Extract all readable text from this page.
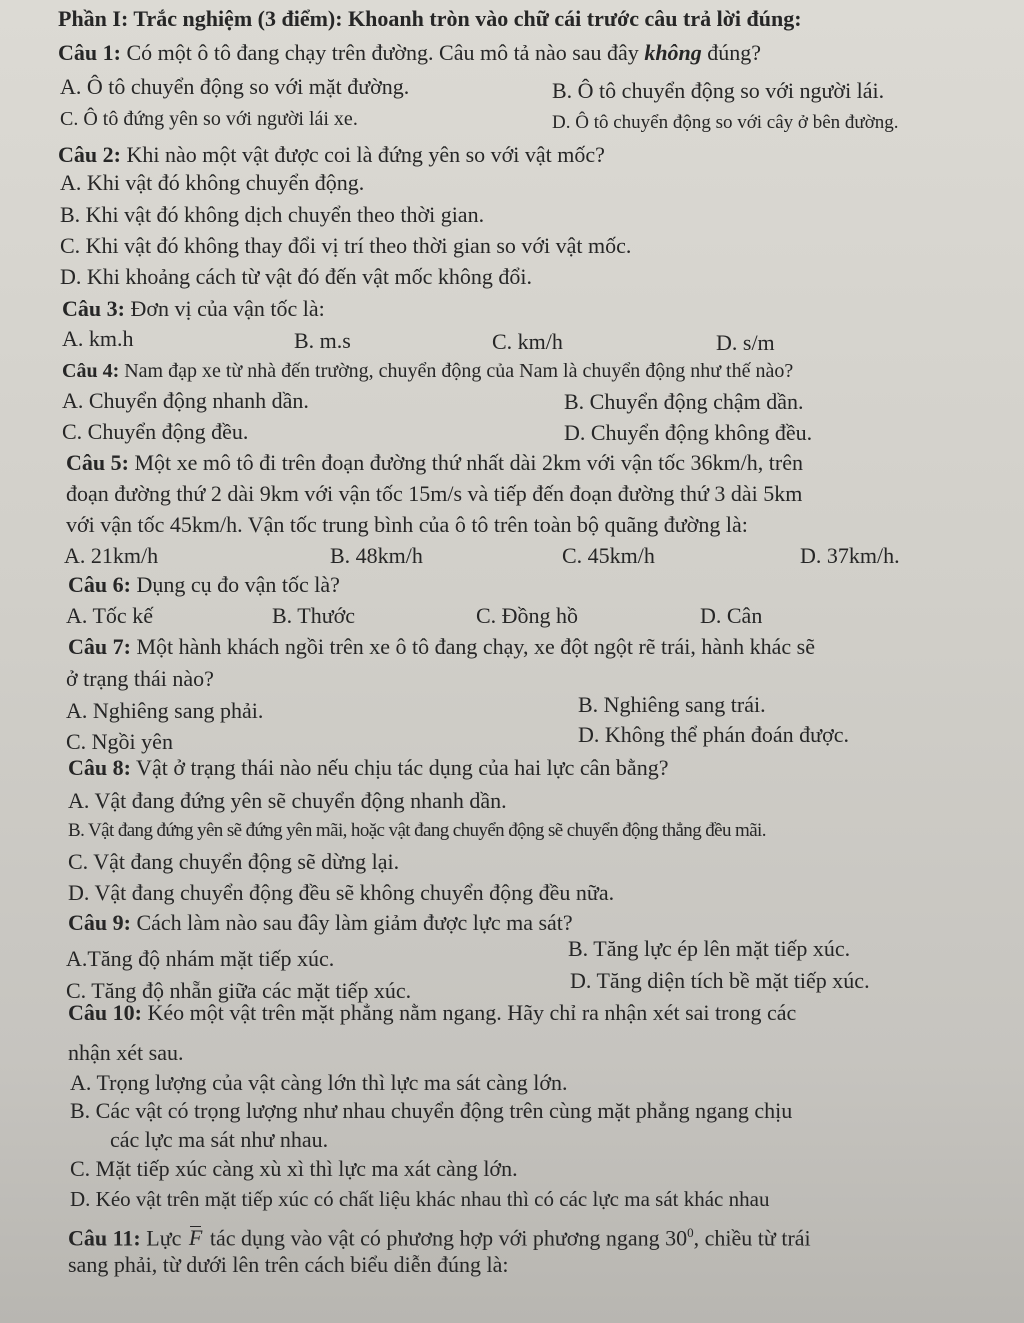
Phần I: Trắc nghiệm (3 điểm): Khoanh tròn vào chữ cái trước câu trả lời đúng:
Câu 1: Có một ô tô đang chạy trên đường. Câu mô tả nào sau đây không đúng?
A. Ô tô chuyển động so với mặt đường.	B. Ô tô chuyển động so với người lái.
C. Ô tô đứng yên so với người lái xe.	D. Ô tô chuyển động so với cây ở bên đường.
Câu 2: Khi nào một vật được coi là đứng yên so với vật mốc?
A. Khi vật đó không chuyển động.
B. Khi vật đó không dịch chuyển theo thời gian.
C. Khi vật đó không thay đổi vị trí theo thời gian so với vật mốc.
D. Khi khoảng cách từ vật đó đến vật mốc không đổi.
Câu 3: Đơn vị của vận tốc là:
A. km.h	B. m.s	C. km/h	D. s/m
Câu 4: Nam đạp xe từ nhà đến trường, chuyển động của Nam là chuyển động như thế nào?
A. Chuyển động nhanh dần.	B. Chuyển động chậm dần.
C. Chuyển động đều.	D. Chuyển động không đều.
Câu 5: Một xe mô tô đi trên đoạn đường thứ nhất dài 2km với vận tốc 36km/h, trên
đoạn đường thứ 2 dài 9km với vận tốc 15m/s và tiếp đến đoạn đường thứ 3 dài 5km
với vận tốc 45km/h. Vận tốc trung bình của ô tô trên toàn bộ quãng đường là:
A. 21km/h	B. 48km/h	C. 45km/h	D. 37km/h.
Câu 6: Dụng cụ đo vận tốc là?
A. Tốc kế	B. Thước	C. Đồng hồ	D. Cân
Câu 7: Một hành khách ngồi trên xe ô tô đang chạy, xe đột ngột rẽ trái, hành khác sẽ
ở trạng thái nào?
A. Nghiêng sang phải.	B. Nghiêng sang trái.
C. Ngồi yên	D. Không thể phán đoán được.
Câu 8: Vật ở trạng thái nào nếu chịu tác dụng của hai lực cân bằng?
A. Vật đang đứng yên sẽ chuyển động nhanh dần.
B. Vật đang đứng yên sẽ đứng yên mãi, hoặc vật đang chuyển động sẽ chuyển động thẳng đều mãi.
C. Vật đang chuyển động sẽ dừng lại.
D. Vật đang chuyển động đều sẽ không chuyển động đều nữa.
Câu 9: Cách làm nào sau đây làm giảm được lực ma sát?
A.Tăng độ nhám mặt tiếp xúc.	B. Tăng lực ép lên mặt tiếp xúc.
C. Tăng độ nhẵn giữa các mặt tiếp xúc.	D. Tăng diện tích bề mặt tiếp xúc.
Câu 10: Kéo một vật trên mặt phẳng nằm ngang. Hãy chỉ ra nhận xét sai trong các
nhận xét sau.
A. Trọng lượng của vật càng lớn thì lực ma sát càng lớn.
B. Các vật có trọng lượng như nhau chuyển động trên cùng mặt phẳng ngang chịu
các lực ma sát như nhau.
C. Mặt tiếp xúc càng xù xì thì lực ma xát càng lớn.
D. Kéo vật trên mặt tiếp xúc có chất liệu khác nhau thì có các lực ma sát khác nhau
Câu 11: Lực F tác dụng vào vật có phương hợp với phương ngang $30^0$, chiều từ trái
sang phải, từ dưới lên trên cách biểu diễn đúng là:
